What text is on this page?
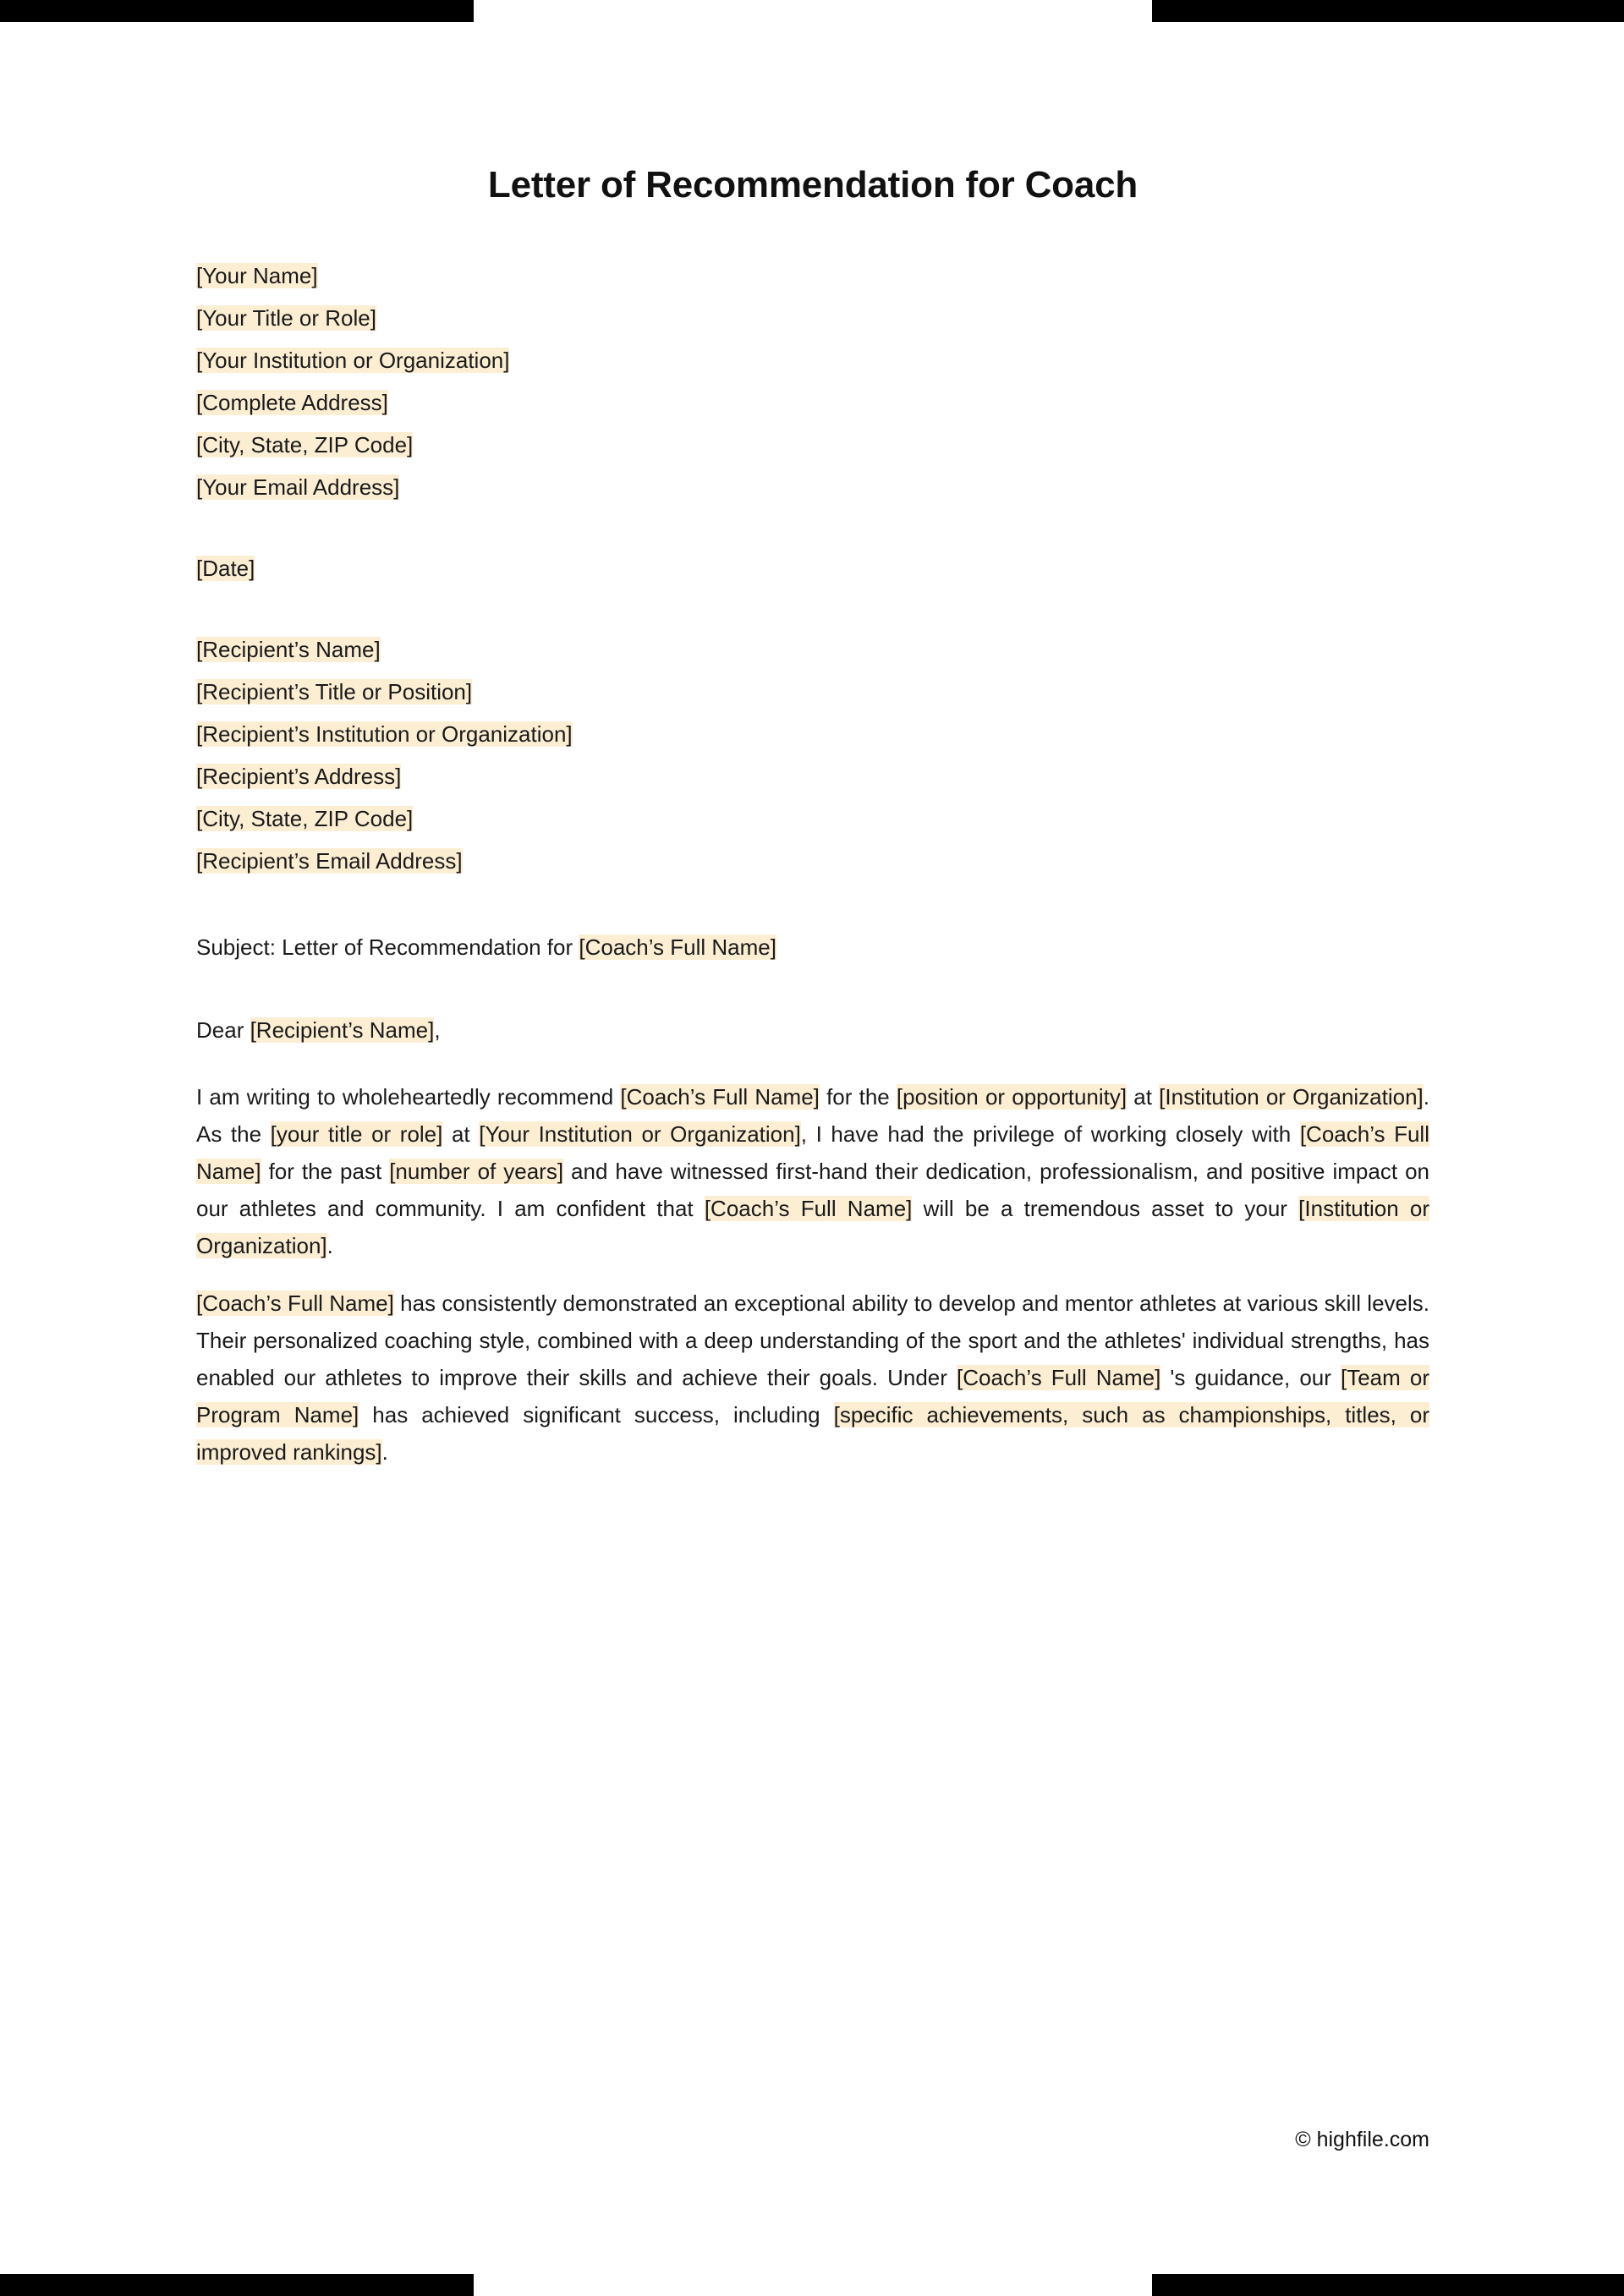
Letter of Recommendation for Coach
[Your Name]
[Your Title or Role]
[Your Institution or Organization]
[Complete Address]
[City, State, ZIP Code]
[Your Email Address]
[Date]
[Recipient’s Name]
[Recipient’s Title or Position]
[Recipient’s Institution or Organization]
[Recipient’s Address]
[City, State, ZIP Code]
[Recipient’s Email Address]
Subject: Letter of Recommendation for [Coach’s Full Name]
Dear [Recipient’s Name],

I am writing to wholeheartedly recommend [Coach’s Full Name] for the [position or opportunity] at [Institution or Organization]. As the [your title or role] at [Your Institution or Organization], I have had the privilege of working closely with [Coach’s Full Name] for the past [number of years] and have witnessed first-hand their dedication, professionalism, and positive impact on our athletes and community. I am confident that [Coach’s Full Name] will be a tremendous asset to your [Institution or Organization].

[Coach’s Full Name] has consistently demonstrated an exceptional ability to develop and mentor athletes at various skill levels. Their personalized coaching style, combined with a deep understanding of the sport and the athletes' individual strengths, has enabled our athletes to improve their skills and achieve their goals. Under [Coach’s Full Name] 's guidance, our [Team or Program Name] has achieved significant success, including [specific achievements, such as championships, titles, or improved rankings].

© highfile.com
